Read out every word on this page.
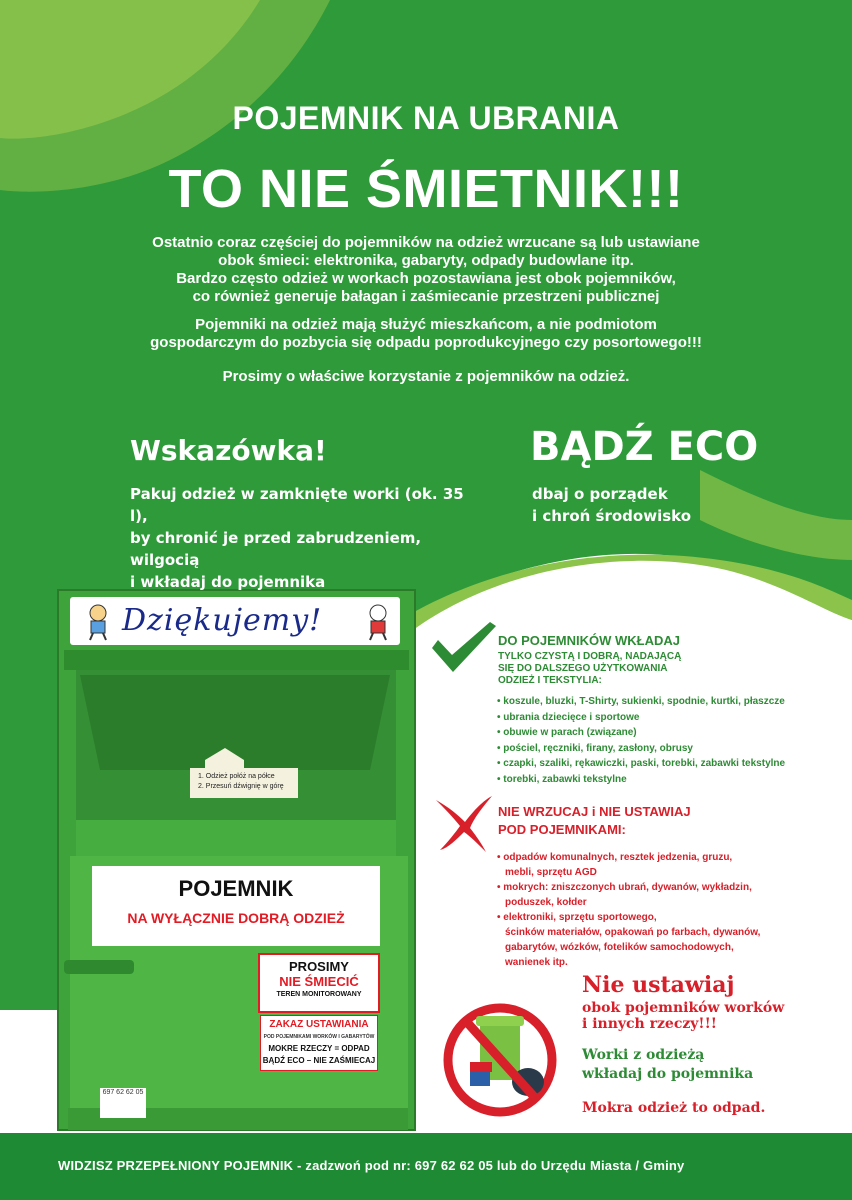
POJEMNIK NA UBRANIA
TO NIE ŚMIETNIK!!!

Ostatnio coraz częściej do pojemników na odzież wrzucane są lub ustawiane
obok śmieci: elektronika, gabaryty, odpady budowlane itp.
Bardzo często odzież w workach pozostawiana jest obok pojemników,
co również generuje bałagan i zaśmiecanie przestrzeni publicznej

Pojemniki na odzież mają służyć mieszkańcom, a nie podmiotom
gospodarczym do pozbycia się odpadu poprodukcyjnego czy posortowego!!!

Prosimy o właściwe korzystanie z pojemników na odzież.

Wskazówka!
Pakuj odzież w zamknięte worki (ok. 35 l),
by chronić je przed zabrudzeniem, wilgocią
i wkładaj do pojemnika
BĄDŹ ECO
dbaj o porządek
i chroń środowisko
Dziękujemy!
1. Odzież połóż na półce
2. Przesuń dźwignię w górę
POJEMNIK
NA WYŁĄCZNIE DOBRĄ ODZIEŻ
PROSIMY
NIE ŚMIECIĆ
TEREN MONITOROWANY
ZAKAZ USTAWIANIA
POD POJEMNIKAMI WORKÓW I GABARYTÓW
MOKRE RZECZY = ODPAD
BĄDŹ ECO – NIE ZAŚMIECAJ
697 62 62 05
DO POJEMNIKÓW WKŁADAJ
TYLKO CZYSTĄ I DOBRĄ, NADAJĄCĄ
SIĘ DO DALSZEGO UŻYTKOWANIA
ODZIEŻ I TEKSTYLIA:
• koszule, bluzki, T-Shirty, sukienki, spodnie, kurtki, płaszcze
• ubrania dziecięce i sportowe
• obuwie w parach (związane)
• pościel, ręczniki, firany, zasłony, obrusy
• czapki, szaliki, rękawiczki, paski, torebki, zabawki tekstylne
• torebki, zabawki tekstylne
NIE WRZUCAJ i NIE USTAWIAJ
POD POJEMNIKAMI:
• odpadów komunalnych, resztek jedzenia, gruzu,
mebli, sprzętu AGD
• mokrych: zniszczonych ubrań, dywanów, wykładzin,
poduszek, kołder
• elektroniki, sprzętu sportowego,
ścinków materiałów, opakowań po farbach, dywanów,
gabarytów, wózków, fotelików samochodowych,
wanienek itp.
Nie ustawiaj
obok pojemników worków
i innych rzeczy!!!
Worki z odzieżą
wkładaj do pojemnika
Mokra odzież to odpad.
WIDZISZ PRZEPEŁNIONY POJEMNIK - zadzwoń pod nr: 697 62 62 05 lub do Urzędu Miasta / Gminy
